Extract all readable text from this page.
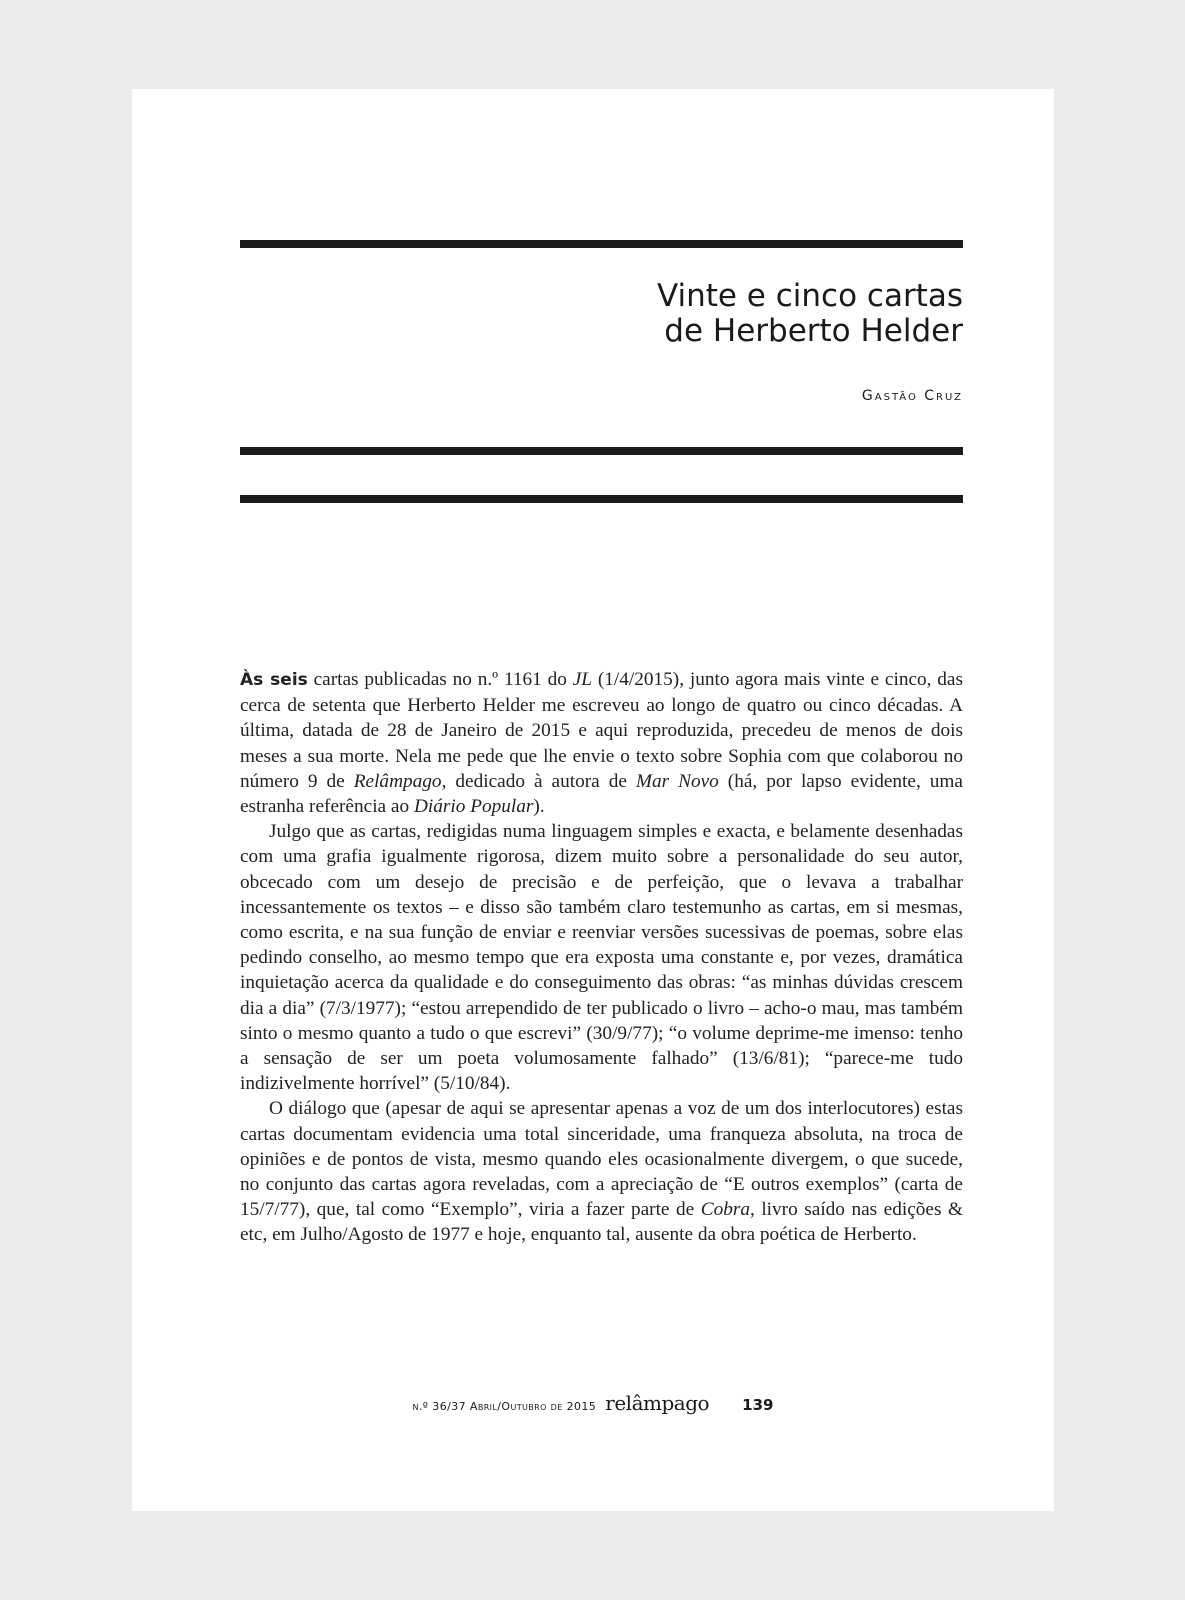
Vinte e cinco cartas
de Herberto Helder
Gastão Cruz

Às seis cartas publicadas no n.º 1161 do JL (1/4/2015), junto agora mais vinte e cinco, das cerca de setenta que Herberto Helder me escreveu ao longo de quatro ou cinco décadas. A última, datada de 28 de Janeiro de 2015 e aqui reproduzida, precedeu de menos de dois meses a sua morte. Nela me pede que lhe envie o texto sobre Sophia com que colaborou no número 9 de Relâmpago, dedicado à autora de Mar Novo (há, por lapso evidente, uma estranha referência ao Diário Popular).

Julgo que as cartas, redigidas numa linguagem simples e exacta, e belamente desenhadas com uma grafia igualmente rigorosa, dizem muito sobre a personalidade do seu autor, obcecado com um desejo de precisão e de perfeição, que o levava a trabalhar incessantemente os textos – e disso são também claro testemunho as cartas, em si mesmas, como escrita, e na sua função de enviar e reenviar versões sucessivas de poemas, sobre elas pedindo conselho, ao mesmo tempo que era exposta uma constante e, por vezes, dramática inquietação acerca da qualidade e do conseguimento das obras: “as minhas dúvidas crescem dia a dia” (7/3/1977); “estou arrependido de ter publicado o livro – acho-o mau, mas também sinto o mesmo quanto a tudo o que escrevi” (30/9/77); “o volume deprime-me imenso: tenho a sensação de ser um poeta volumosamente falhado” (13/6/81); “parece-me tudo indizivelmente horrível” (5/10/84).

O diálogo que (apesar de aqui se apresentar apenas a voz de um dos interlocutores) estas cartas documentam evidencia uma total sinceridade, uma franqueza absoluta, na troca de opiniões e de pontos de vista, mesmo quando eles ocasionalmente divergem, o que sucede, no conjunto das cartas agora reveladas, com a apreciação de “E outros exemplos” (carta de 15/7/77), que, tal como “Exemplo”, viria a fazer parte de Cobra, livro saído nas edições & etc, em Julho/Agosto de 1977 e hoje, enquanto tal, ausente da obra poética de Herberto.

n.º 36/37 Abril/Outubro de 2015 relâmpago 139
